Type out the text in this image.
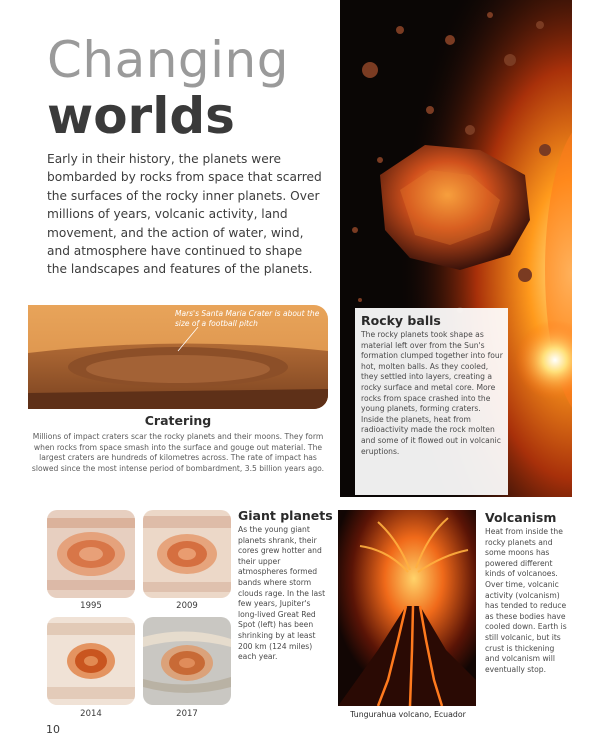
Changing
worlds

Early in their history, the planets were bombarded by rocks from space that scarred the surfaces of the rocky inner planets. Over millions of years, volcanic activity, land movement, and the action of water, wind, and atmosphere have continued to shape the landscapes and features of the planets.

Rocky balls

The rocky planets took shape as material left over from the Sun's formation clumped together into four hot, molten balls. As they cooled, they settled into layers, creating a rocky surface and metal core. More rocks from space crashed into the young planets, forming craters. Inside the planets, heat from radioactivity made the rock molten and some of it flowed out in volcanic eruptions.

Mars's Santa Maria Crater is about the size of a football pitch
Cratering

Millions of impact craters scar the rocky planets and their moons. They form when rocks from space smash into the surface and gouge out material. The largest craters are hundreds of kilometres across. The rate of impact has slowed since the most intense period of bombardment, 3.5 billion years ago.

1995	2009
2014	2017
Giant planets

As the young giant planets shrank, their cores grew hotter and their upper atmospheres formed bands where storm clouds rage. In the last few years, Jupiter's long-lived Great Red Spot (left) has been shrinking by at least 200 km (124 miles) each year.

Tungurahua volcano, Ecuador
Volcanism

Heat from inside the rocky planets and some moons has powered different kinds of volcanoes. Over time, volcanic activity (volcanism) has tended to reduce as these bodies have cooled down. Earth is still volcanic, but its crust is thickening and volcanism will eventually stop.

10
